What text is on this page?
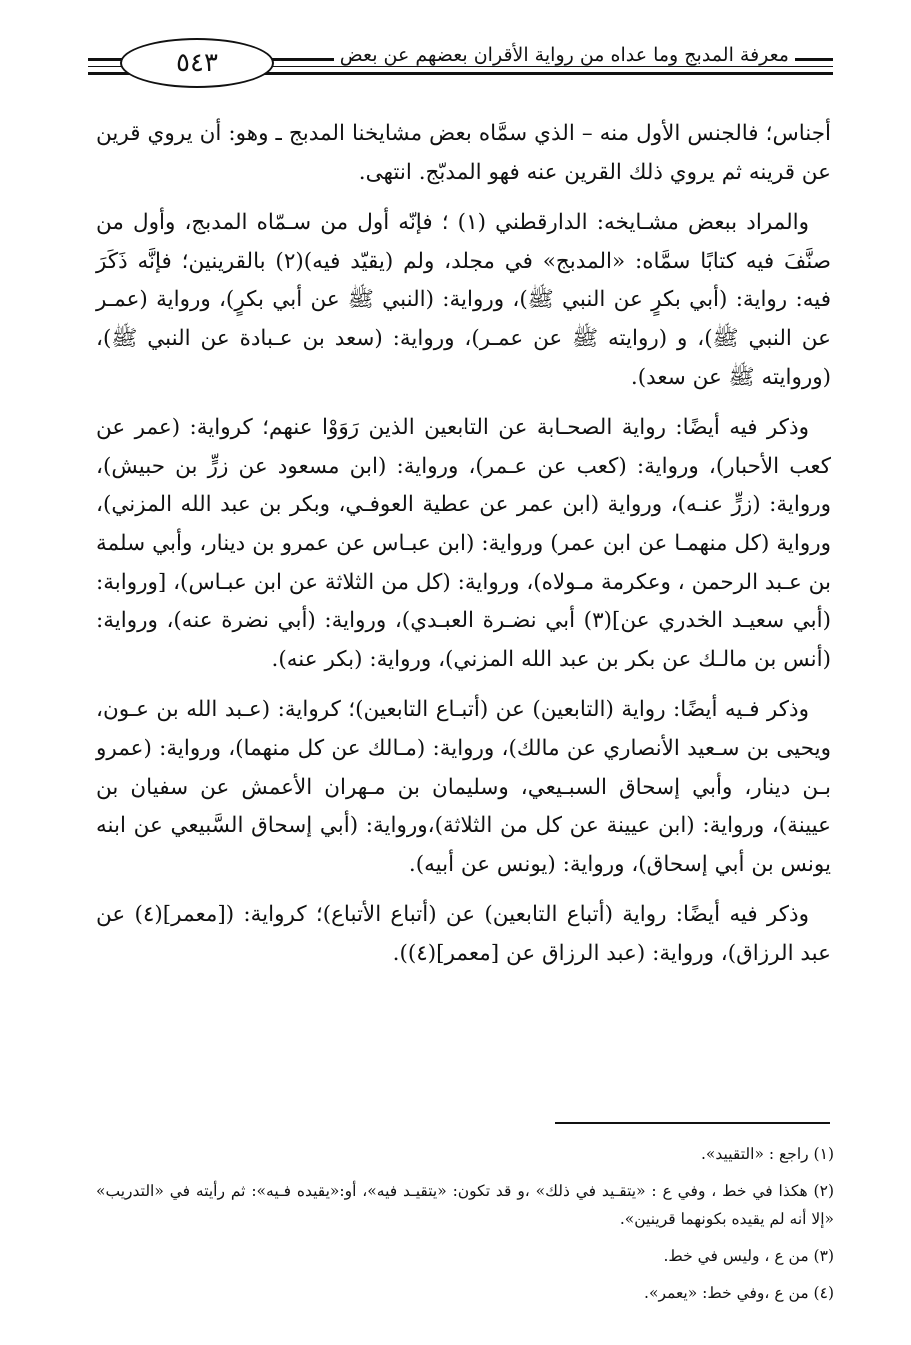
معرفة المدبج وما عداه من رواية الأقران بعضهم عن بعض
٥٤٣

أجناس؛ فالجنس الأول منه – الذي سمَّاه بعض مشايخنا المدبج ـ وهو: أن يروي قرين عن قرينه ثم يروي ذلك القرين عنه فهو المدبّج. انتهى.

والمراد ببعض مشـايخه: الدارقطني (١) ؛ فإنّه أول من سـمّاه المدبج، وأول من صنَّفَ فيه كتابًا سمَّاه: «المدبج» في مجلد، ولم (يقيّد فيه)(٢) بالقرينين؛ فإنَّه ذَكَرَ فيه: رواية: (أبي بكرٍ عن النبي ﷺ)، ورواية: (النبي ﷺ عن أبي بكرٍ)، ورواية (عمـر عن النبي ﷺ)، و (روايته ﷺ عن عمـر)، ورواية: (سعد بن عـبادة عن النبي ﷺ)، (وروايته ﷺ عن سعد).

وذكر فيه أيضًا: رواية الصحـابة عن التابعين الذين رَوَوْا عنهم؛ كرواية: (عمر عن كعب الأحبار)، ورواية: (كعب عن عـمر)، ورواية: (ابن مسعود عن زرٍّ بن حبيش)، ورواية: (زرٍّ عنـه)، ورواية (ابن عمر عن عطية العوفـي، وبكر بن عبد الله المزني)، ورواية (كل منهمـا عن ابن عمر) ورواية: (ابن عبـاس عن عمرو بن دينار، وأبي سلمة بن عـبد الرحمن ، وعكرمة مـولاه)، ورواية: (كل من الثلاثة عن ابن عبـاس)، [وروابة: (أبي سعيـد الخدري عن](٣) أبي نضـرة العبـدي)، ورواية: (أبي نضرة عنه)، ورواية: (أنس بن مالـك عن بكر بن عبد الله المزني)، ورواية: (بكر عنه).

وذكر فـيه أيضًا: رواية (التابعين) عن (أتبـاع التابعين)؛ كرواية: (عـبد الله بن عـون، ويحيى بن سـعيد الأنصاري عن مالك)، ورواية: (مـالك عن كل منهما)، ورواية: (عمرو بـن دينار، وأبي إسحاق السبـيعي، وسليمان بن مـهران الأعمش عن سفيان بن عيينة)، ورواية: (ابن عيينة عن كل من الثلاثة)،ورواية: (أبي إسحاق السَّبيعي عن ابنه يونس بن أبي إسحاق)، ورواية: (يونس عن أبيه).

وذكر فيه أيضًا: رواية (أتباع التابعين) عن (أتباع الأتباع)؛ كرواية: ([معمر](٤) عن عبد الرزاق)، ورواية: (عبد الرزاق عن [معمر](٤)).

(١) راجع : «التقييد».
(٢) هكذا في خط ، وفي ع : «يتقـيد في ذلك» ،و قد تكون: «يتقيـد فيه»، أو:«يقيده فـيه»: ثم رأيته في «التدريب» «إلا أنه لم يقيده بكونهما قرينين».
(٣) من ع ، وليس في خط.
(٤) من ع ،وفي خط: «يعمر».
